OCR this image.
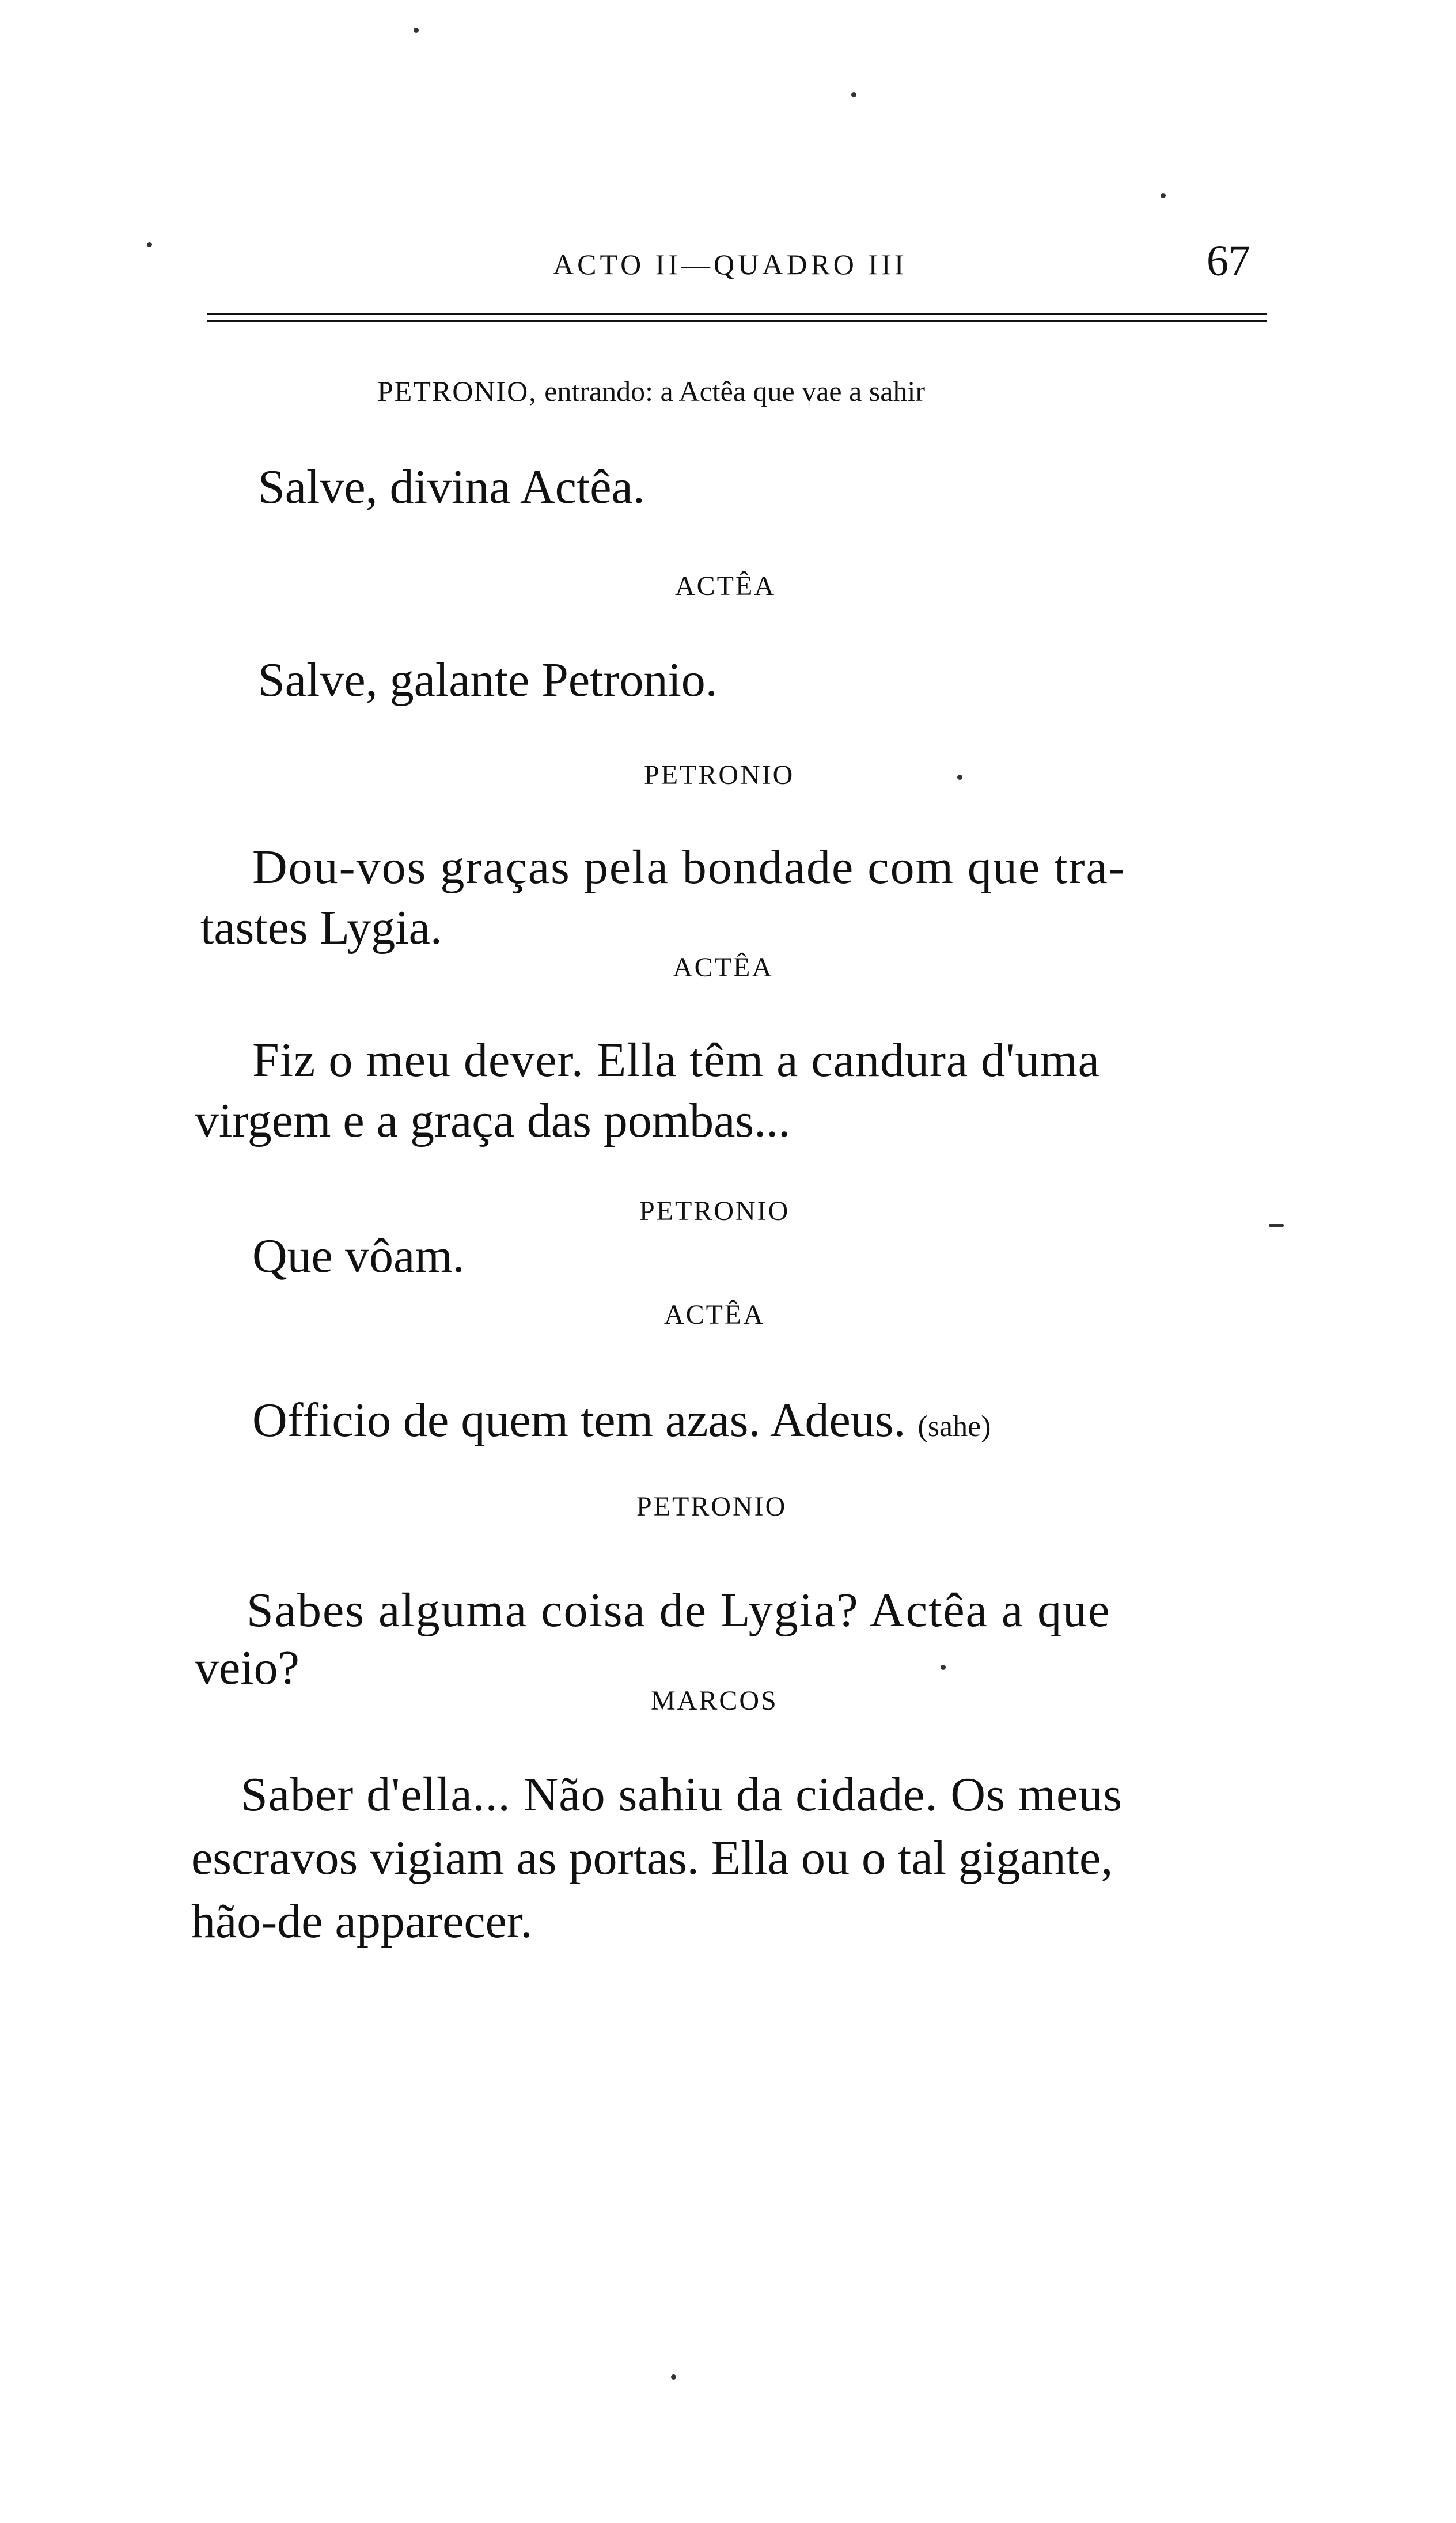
ACTO II—QUADRO III	67
PETRONIO, entrando: a Actêa que vae a sahir
Salve, divina Actêa.
ACTÊA
Salve, galante Petronio.
PETRONIO
Dou-vos graças pela bondade com que tra-
tastes Lygia.
ACTÊA
Fiz o meu dever. Ella têm a candura d'uma
virgem e a graça das pombas...
PETRONIO
Que vôam.
ACTÊA
Officio de quem tem azas. Adeus. (sahe)
PETRONIO
Sabes alguma coisa de Lygia? Actêa a que
veio?
MARCOS
Saber d'ella... Não sahiu da cidade. Os meus
escravos vigiam as portas. Ella ou o tal gigante,
hão-de apparecer.
